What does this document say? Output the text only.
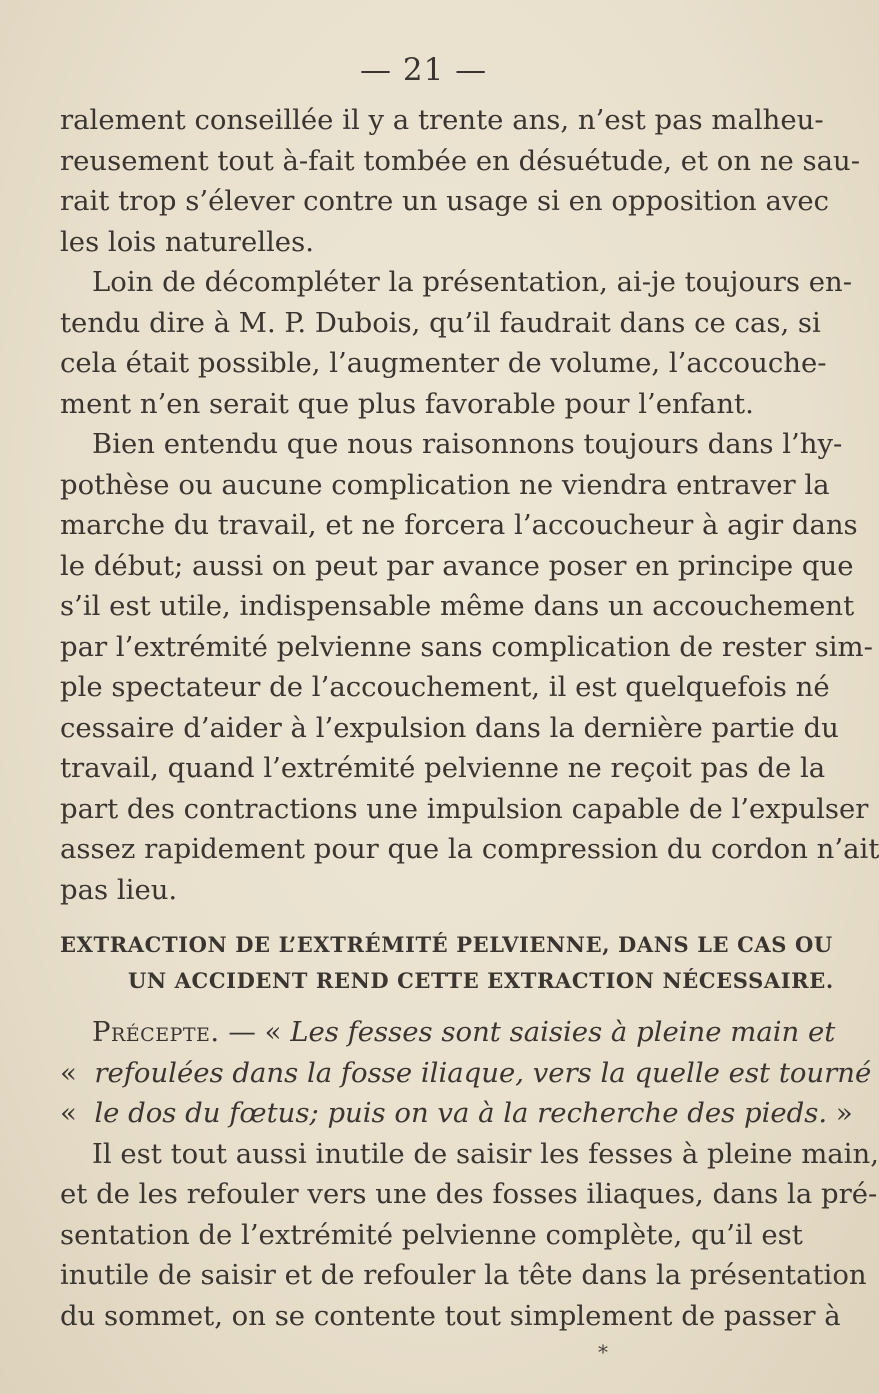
— 21 —
ralement conseillée il y a trente ans, n’est pas malheu-
reusement tout à-fait tombée en désuétude, et on ne sau-
rait trop s’élever contre un usage si en opposition avec
les lois naturelles.
Loin de décompléter la présentation, ai-je toujours en-
tendu dire à M. P. Dubois, qu’il faudrait dans ce cas, si
cela était possible, l’augmenter de volume, l’accouche-
ment n’en serait que plus favorable pour l’enfant.
Bien entendu que nous raisonnons toujours dans l’hy-
pothèse ou aucune complication ne viendra entraver la
marche du travail, et ne forcera l’accoucheur à agir dans
le début; aussi on peut par avance poser en principe que
s’il est utile, indispensable même dans un accouchement
par l’extrémité pelvienne sans complication de rester sim-
ple spectateur de l’accouchement, il est quelquefois né
cessaire d’aider à l’expulsion dans la dernière partie du
travail, quand l’extrémité pelvienne ne reçoit pas de la
part des contractions une impulsion capable de l’expulser
assez rapidement pour que la compression du cordon n’ait
pas lieu.
EXTRACTION DE L’EXTRÉMITÉ PELVIENNE, DANS LE CAS OU
UN ACCIDENT REND CETTE EXTRACTION NÉCESSAIRE.
Précepte. — « Les fesses sont saisies à pleine main et
« refoulées dans la fosse iliaque, vers la quelle est tourné
« le dos du fœtus; puis on va à la recherche des pieds. »
Il est tout aussi inutile de saisir les fesses à pleine main,
et de les refouler vers une des fosses iliaques, dans la pré-
sentation de l’extrémité pelvienne complète, qu’il est
inutile de saisir et de refouler la tête dans la présentation
du sommet, on se contente tout simplement de passer à
*
